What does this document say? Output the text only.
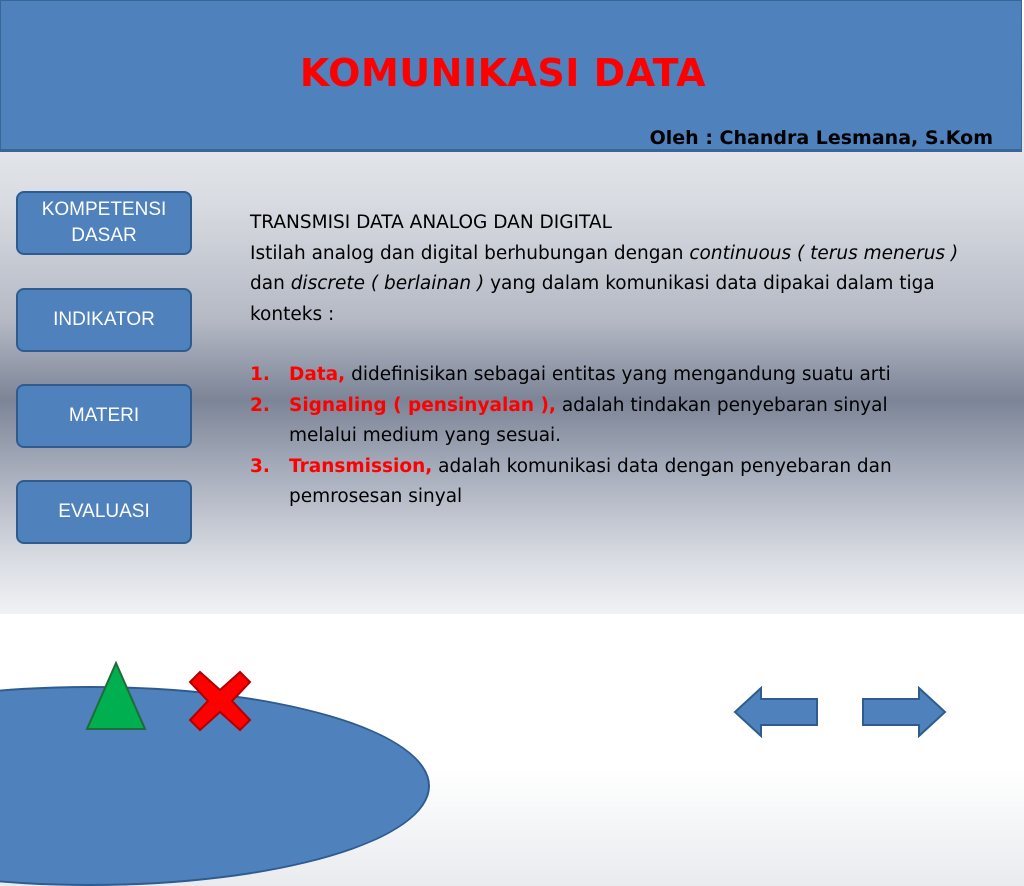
KOMUNIKASI DATA
Oleh : Chandra Lesmana, S.Kom
KOMPETENSI
DASAR
INDIKATOR
MATERI
EVALUASI

TRANSMISI DATA ANALOG DAN DIGITAL

Istilah analog dan digital berhubungan dengan continuous ( terus menerus ) dan discrete ( berlainan ) yang dalam komunikasi data dipakai dalam tiga konteks :

1. Data, didefinisikan sebagai entitas yang mengandung suatu arti
2. Signaling ( pensinyalan ), adalah tindakan penyebaran sinyal melalui medium yang sesuai.
3. Transmission, adalah komunikasi data dengan penyebaran dan pemrosesan sinyal
